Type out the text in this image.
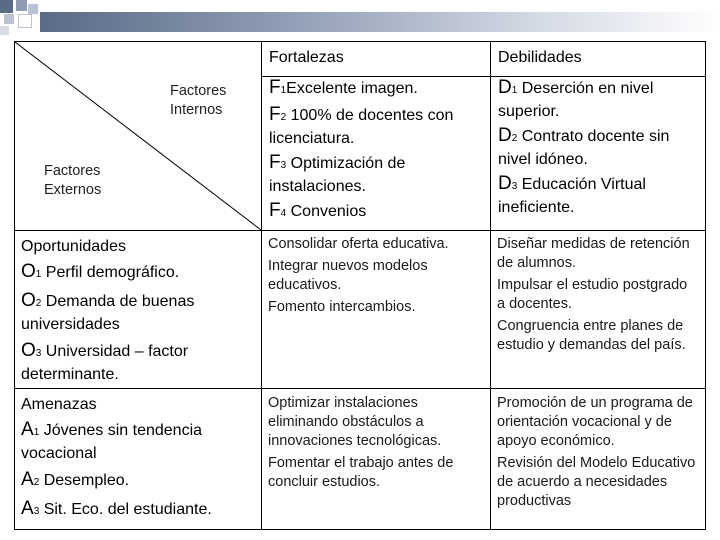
Factores
Internos
Factores
Externos
Fortalezas	Debilidades
F1Excelente imagen.
F2 100% de docentes con licenciatura.
F3 Optimización de instalaciones.
F4 Convenios
D1 Deserción en nivel superior.
D2 Contrato docente sin nivel idóneo.
D3 Educación Virtual ineficiente.
Oportunidades
O1 Perfil demográfico.
O2 Demanda de buenas universidades
O3 Universidad – factor determinante.
Amenazas
A1 Jóvenes sin tendencia vocacional
A2 Desempleo.
A3 Sit. Eco. del estudiante.
Consolidar oferta educativa.
Integrar nuevos modelos educativos.
Fomento intercambios.
Diseñar medidas de retención de alumnos.
Impulsar el estudio postgrado a docentes.
Congruencia entre planes de estudio y demandas del país.
Optimizar instalaciones eliminando obstáculos a innovaciones tecnológicas.
Fomentar el trabajo antes de concluir estudios.
Promoción de un programa de orientación vocacional y de apoyo económico.
Revisión del Modelo Educativo de acuerdo a necesidades productivas
